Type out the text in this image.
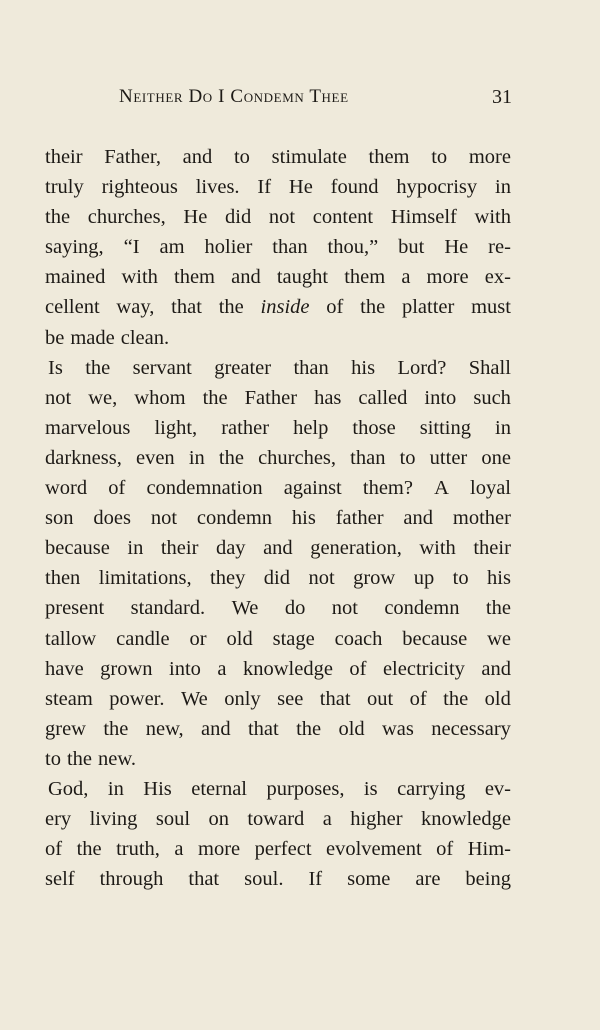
Neither Do I Condemn Thee	31
their Father, and to stimulate them to more
truly righteous lives. If He found hypocrisy in
the churches, He did not content Himself with
saying, “I am holier than thou,” but He re-
mained with them and taught them a more ex-
cellent way, that the inside of the platter must
be made clean.
Is the servant greater than his Lord? Shall
not we, whom the Father has called into such
marvelous light, rather help those sitting in
darkness, even in the churches, than to utter one
word of condemnation against them? A loyal
son does not condemn his father and mother
because in their day and generation, with their
then limitations, they did not grow up to his
present standard. We do not condemn the
tallow candle or old stage coach because we
have grown into a knowledge of electricity and
steam power. We only see that out of the old
grew the new, and that the old was necessary
to the new.
God, in His eternal purposes, is carrying ev-
ery living soul on toward a higher knowledge
of the truth, a more perfect evolvement of Him-
self through that soul. If some are being
